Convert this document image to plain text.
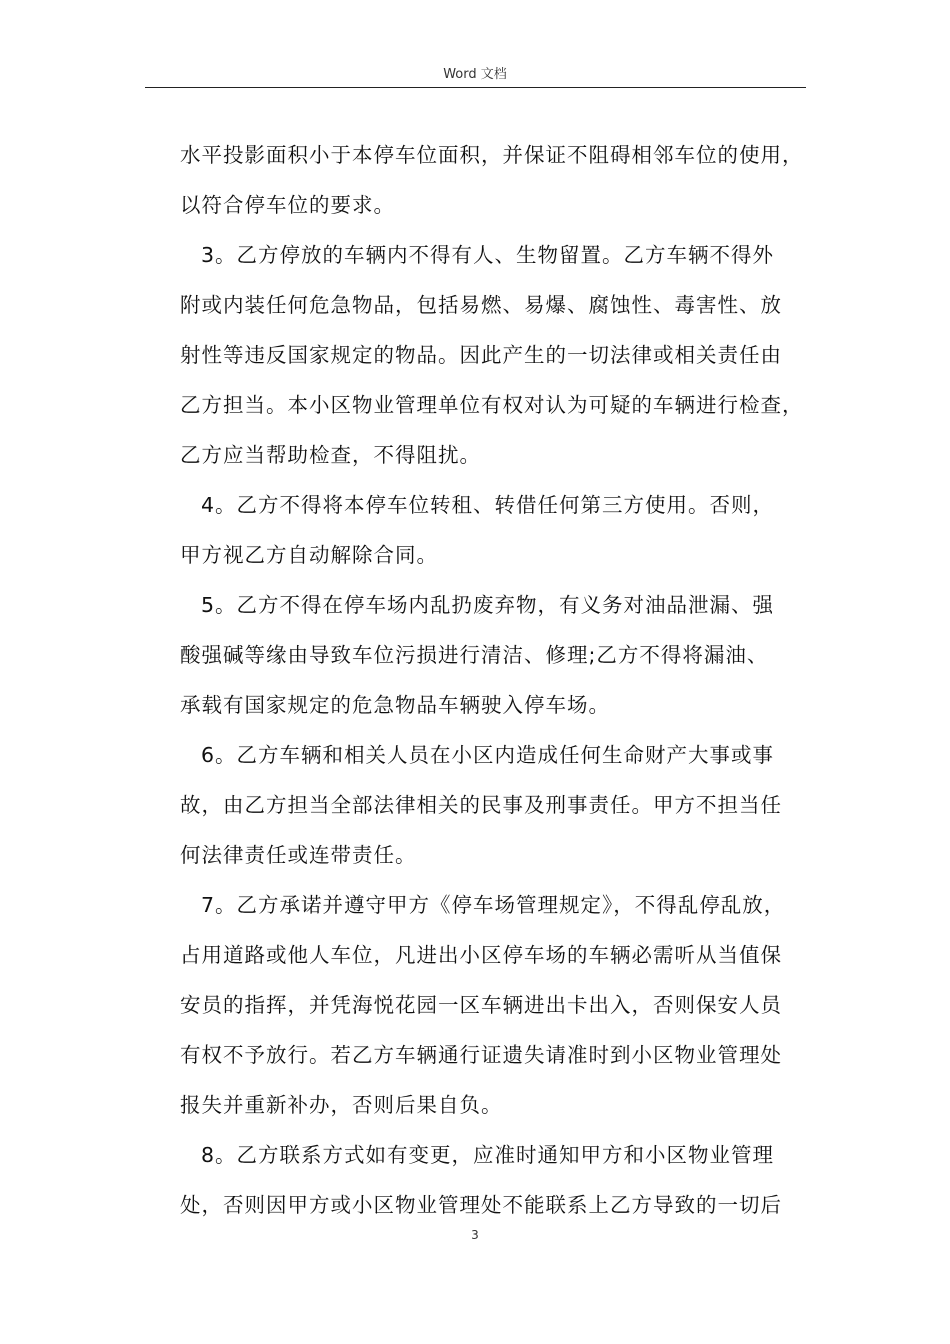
Word 文档
水平投影面积小于本停车位面积，并保证不阻碍相邻车位的使用，
以符合停车位的要求。
3。乙方停放的车辆内不得有人、生物留置。乙方车辆不得外
附或内装任何危急物品，包括易燃、易爆、腐蚀性、毒害性、放
射性等违反国家规定的物品。因此产生的一切法律或相关责任由
乙方担当。本小区物业管理单位有权对认为可疑的车辆进行检查，
乙方应当帮助检查，不得阻扰。
4。乙方不得将本停车位转租、转借任何第三方使用。否则，
甲方视乙方自动解除合同。
5。乙方不得在停车场内乱扔废弃物，有义务对油品泄漏、强
酸强碱等缘由导致车位污损进行清洁、修理;乙方不得将漏油、
承载有国家规定的危急物品车辆驶入停车场。
6。乙方车辆和相关人员在小区内造成任何生命财产大事或事
故，由乙方担当全部法律相关的民事及刑事责任。甲方不担当任
何法律责任或连带责任。
7。乙方承诺并遵守甲方《停车场管理规定》，不得乱停乱放，
占用道路或他人车位，凡进出小区停车场的车辆必需听从当值保
安员的指挥，并凭海悦花园一区车辆进出卡出入，否则保安人员
有权不予放行。若乙方车辆通行证遗失请准时到小区物业管理处
报失并重新补办，否则后果自负。
8。乙方联系方式如有变更，应准时通知甲方和小区物业管理
处，否则因甲方或小区物业管理处不能联系上乙方导致的一切后
3
